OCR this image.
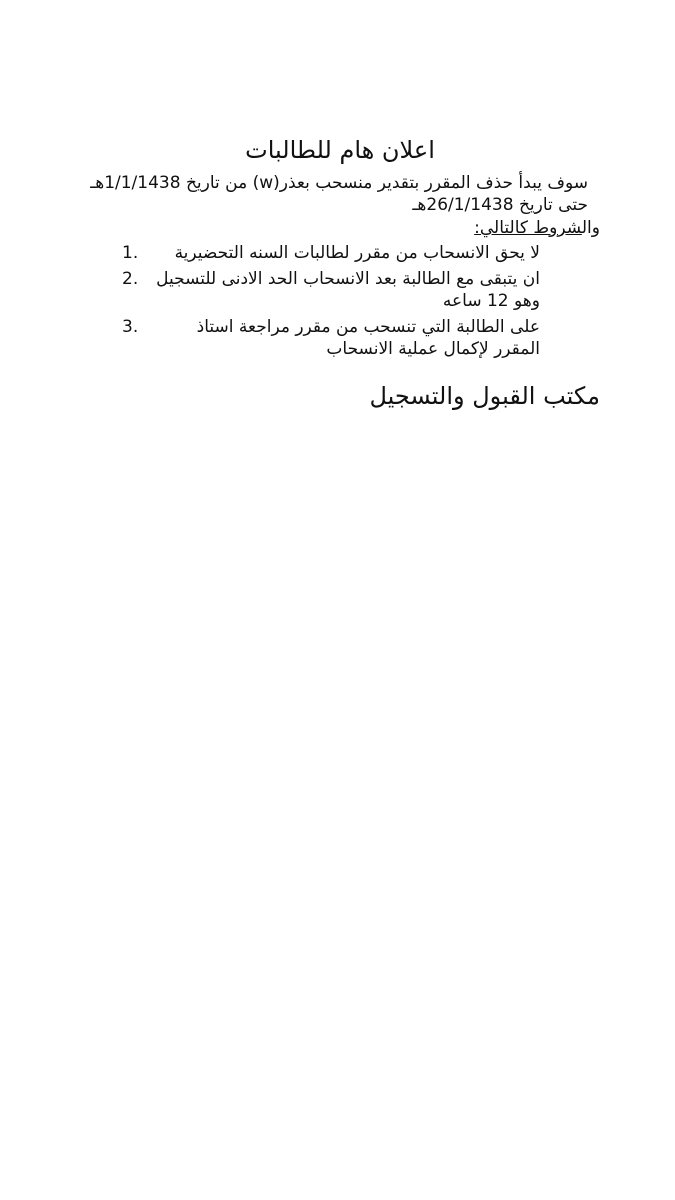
اعلان هام للطالبات

سوف يبدأ حذف المقرر بتقدير منسحب بعذر(w) من تاريخ 1/1/1438هـ

حتى تاريخ 26/1/1438هـ

والشروط كالتالي:

1. لا يحق الانسحاب من مقرر لطالبات السنه التحضيرية
2. ان يتبقى مع الطالبة بعد الانسحاب الحد الادنى للتسجيل وهو 12 ساعه
3.	على الطالبة التي تنسحب من مقرر مراجعة استاذ المقرر لإكمال عملية الانسحاب
مكتب القبول والتسجيل
